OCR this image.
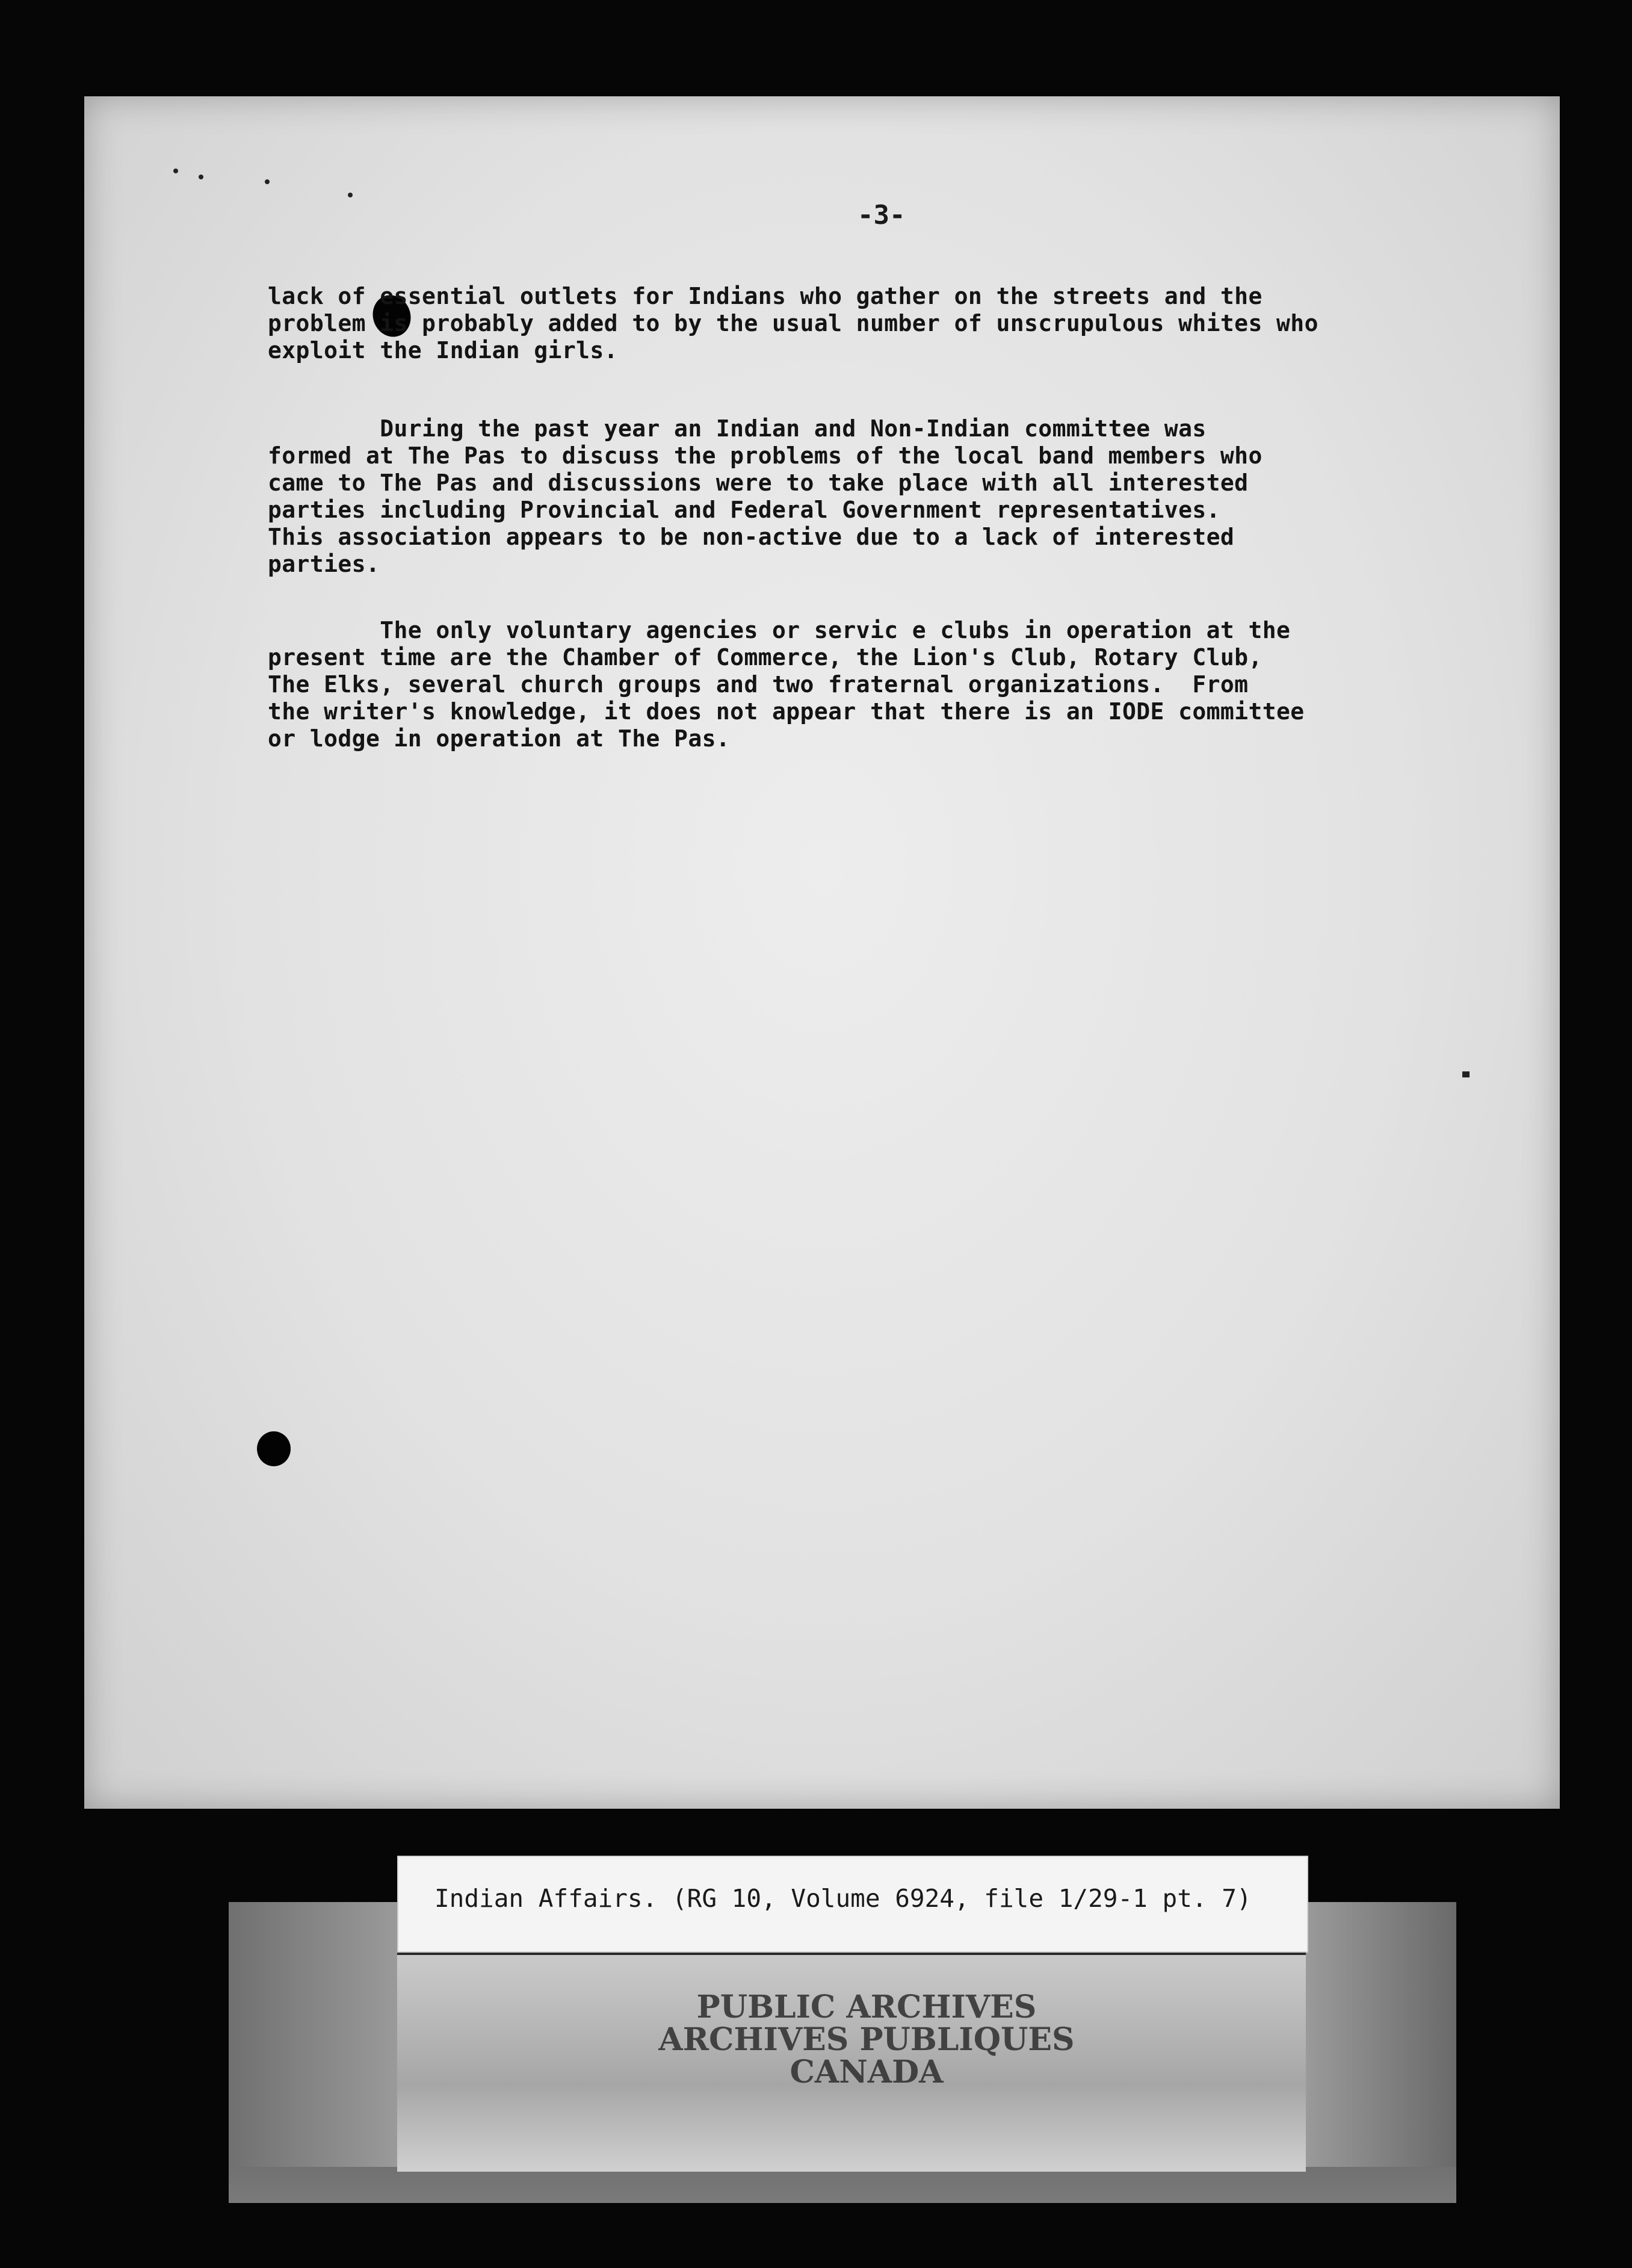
-3-

lack of essential outlets for Indians who gather on the streets and the
problem is probably added to by the usual number of unscrupulous whites who
exploit the Indian girls.
During the past year an Indian and Non-Indian committee was
formed at The Pas to discuss the problems of the local band members who
came to The Pas and discussions were to take place with all interested
parties including Provincial and Federal Government representatives.
This association appears to be non-active due to a lack of interested
parties.
The only voluntary agencies or servic e clubs in operation at the
present time are the Chamber of Commerce, the Lion's Club, Rotary Club,
The Elks, several church groups and two fraternal organizations.  From
the writer's knowledge, it does not appear that there is an IODE committee
or lodge in operation at The Pas.
PUBLIC ARCHIVES
ARCHIVES PUBLIQUES
CANADA

Indian Affairs. (RG 10, Volume 6924, file 1/29-1 pt. 7)
